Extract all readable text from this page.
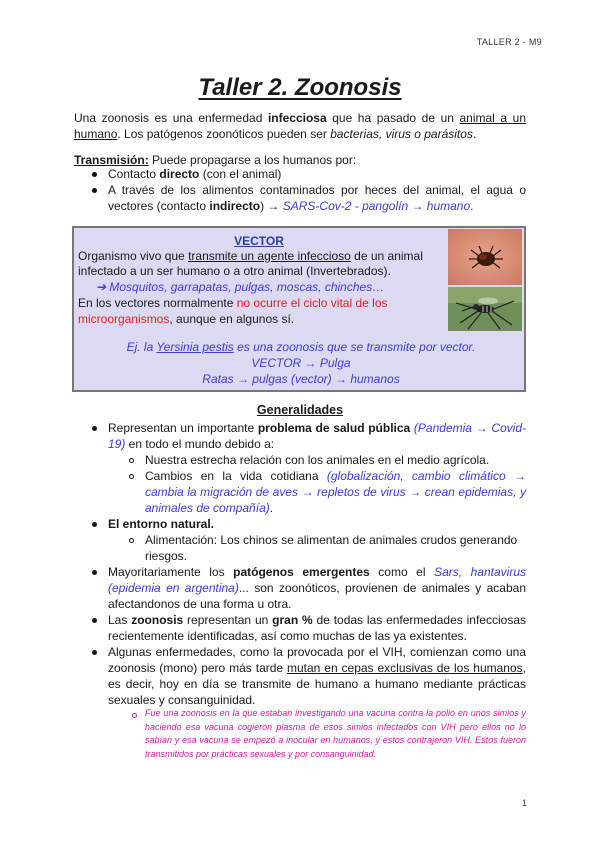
TALLER 2 - M9
Taller 2. Zoonosis
Una zoonosis es una enfermedad infecciosa que ha pasado de un animal a un humano. Los patógenos zoonóticos pueden ser bacterias, virus o parásitos.
Transmisión: Puede propagarse a los humanos por:
Contacto directo (con el animal)
A través de los alimentos contaminados por heces del animal, el agua o vectores (contacto indirecto) → SARS-Cov-2 - pangolín → humano.
VECTOR
Organismo vivo que transmite un agente infeccioso de un animal
infectado a un ser humano o a otro animal (Invertebrados).
➔ Mosquitos, garrapatas, pulgas, moscas, chinches…
En los vectores normalmente no ocurre el ciclo vital de los
microorganismos, aunque en algunos sí.
Ej. la Yersinia pestis es una zoonosis que se transmite por vector.
VECTOR → Pulga
Ratas → pulgas (vector) → humanos
Generalidades
Representan un importante problema de salud pública (Pandemia → Covid-19) en todo el mundo debido a:
Nuestra estrecha relación con los animales en el medio agrícola.
Cambios en la vida cotidiana (globalización, cambio climático → cambia la migración de aves → repletos de virus → crean epidemias, y animales de compañía).
El entorno natural.
Alimentación: Los chinos se alimentan de animales crudos generando riesgos.
Mayoritariamente los patógenos emergentes como el Sars, hantavirus (epidemia en argentina)... son zoonóticos, provienen de animales y acaban afectandonos de una forma u otra.
Las zoonosis representan un gran % de todas las enfermedades infecciosas recientemente identificadas, así como muchas de las ya existentes.
Algunas enfermedades, como la provocada por el VIH, comienzan como una zoonosis (mono) pero más tarde mutan en cepas exclusivas de los humanos, es decir, hoy en día se transmite de humano a humano mediante prácticas sexuales y consanguinidad.
Fue una zoonosis en la que estaban investigando una vacuna contra la polio en unos simios y haciendo esa vacuna cogieron plasma de esos simios infectados con VIH pero ellos no lo sabían y esa vacuna se empezó a inocular en humanos, y estos contrajeron VIH. Estos fueron transmitidos por prácticas sexuales y por consanguinidad.
1
